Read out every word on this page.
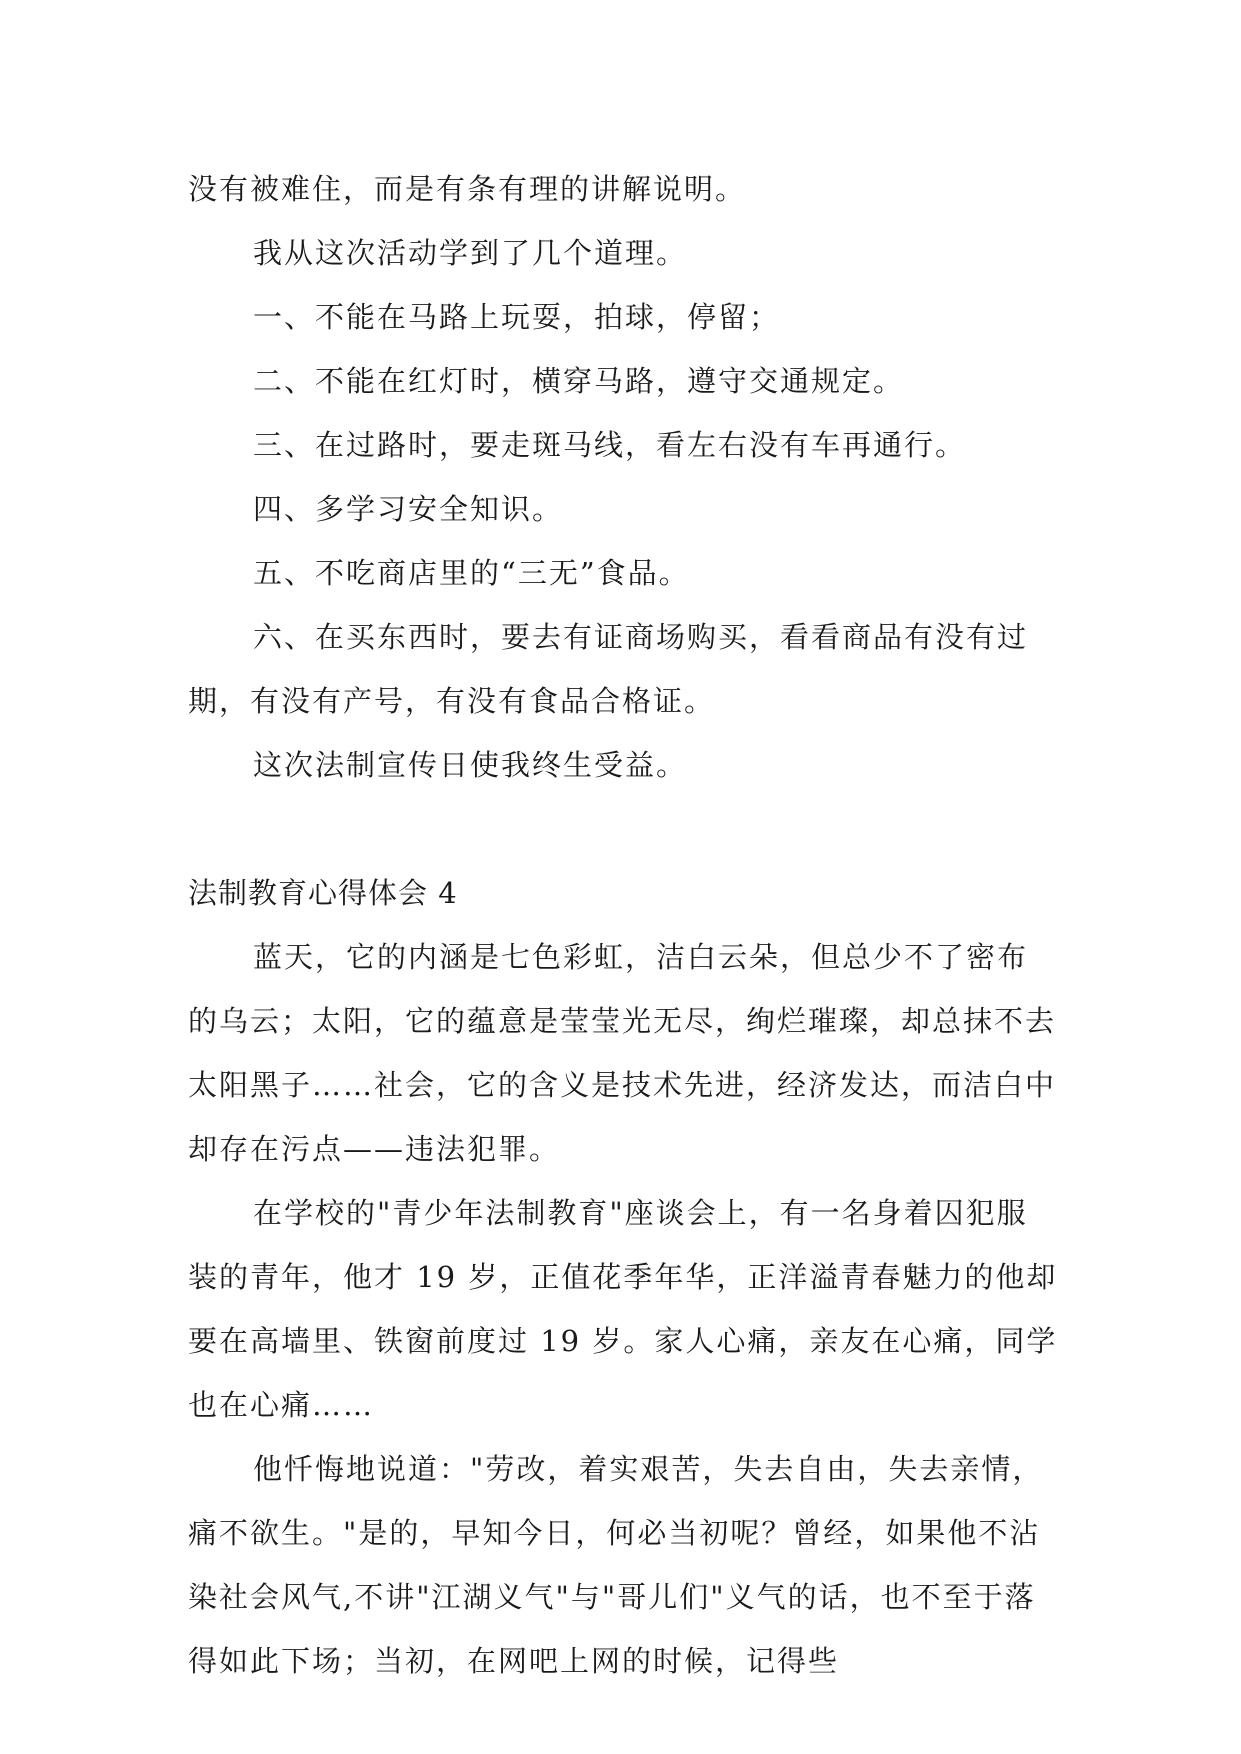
没有被难住，而是有条有理的讲解说明。

我从这次活动学到了几个道理。

一、不能在马路上玩耍，拍球，停留；

二、不能在红灯时，横穿马路，遵守交通规定。

三、在过路时，要走斑马线，看左右没有车再通行。

四、多学习安全知识。

五、不吃商店里的“三无”食品。

六、在买东西时，要去有证商场购买，看看商品有没有过期，有没有产号，有没有食品合格证。

这次法制宣传日使我终生受益。

法制教育心得体会 4

蓝天，它的内涵是七色彩虹，洁白云朵，但总少不了密布的乌云；太阳，它的蕴意是莹莹光无尽，绚烂璀璨，却总抹不去太阳黑子……社会，它的含义是技术先进，经济发达，而洁白中却存在污点——违法犯罪。

在学校的"青少年法制教育"座谈会上，有一名身着囚犯服装的青年，他才 19 岁，正值花季年华，正洋溢青春魅力的他却要在高墙里、铁窗前度过 19 岁。家人心痛，亲友在心痛，同学也在心痛……

他忏悔地说道："劳改，着实艰苦，失去自由，失去亲情，痛不欲生。"是的，早知今日，何必当初呢？曾经，如果他不沾染社会风气,不讲"江湖义气"与"哥儿们"义气的话，也不至于落得如此下场；当初，在网吧上网的时候，记得些
